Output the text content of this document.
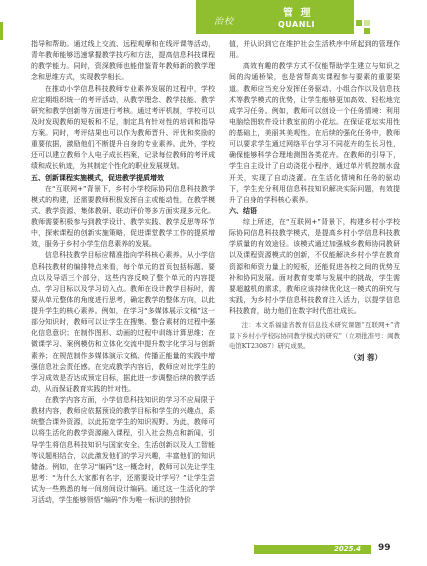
治校
管 理
QUANLI

指导和帮助。通过线上交流、远程观摩和在线评课等活动，青年教师能够迅速掌握教学技巧和方法，提高信息科技课程的教学能力。同时，资深教师也能借鉴青年教师新的教学理念和思维方式，实现教学相长。

在推动小学信息科技教师专业素养发展的过程中，学校应定期组织统一的考评活动，从教学理念、教学技能、教学研究和教学创新等方面进行考核。通过考评机制，学校可以及时发现教师的短板和不足，制定具有针对性的培训和指导方案。同时，考评结果也可以作为教师晋升、评优和奖励的重要依据，激励他们不断提升自身的专业素养。此外，学校还可以建立教师个人电子成长档案，记录每位教师的考评成绩和成长轨迹，为其制定个性化的职业发展规划。

五、创新课程实施模式，促进教学提质增效

在“互联网+”背景下，乡村小学校际协同信息科技教学模式的构建，还需要教师积极发挥自主或能动性，在教学模式、教学资源、集体教研、联动评价等多方面实现多元化。教师需要积极参与到教学设计、教学实践、教学反思等环节中，探索课程的创新实施策略，促进课堂教学工作的提质增效，服务于乡村小学生信息素养的发展。

信息科技教学目标应精准指向学科核心素养。从小学信息科技教材的编排特点来看，每个单元的首页包括标题、要点以及导语三个部分，这些内容反映了整个单元的内容提点、学习目标以及学习切入点。教师在设计教学目标时，需要从单元整体的角度进行思考，确定教学的整体方向，以此提升学生的核心素养。例如，在学习“多媒体展示文稿”这一部分知识时，教师可以让学生在搜集、整合素材的过程中强化信息意识；在制作图形、动画的过程中训练计算思维；在微课学习、案例模仿和立体化交流中提升数字化学习与创新素养；在规范制作多媒体演示文稿、传播正能量的实践中增强信息社会责任感。在完成教学内容后，教师应对比学生的学习成效是否达成预定目标，据此进一步调整后续的教学活动，从而保证教育实践的针对性。

在教学内容方面，小学信息科技知识的学习不应局限于教材内容，教师应依据预设的教学目标和学生的兴趣点，系统整合课外资源，以此拓宽学生的知识视野。为此，教师可以将生活化的教学资源融入课程，引入社会热点和新闻，引导学生将信息科技知识与国家安全、生活创新以及人工智能等议题相结合，以此激发他们的学习兴趣，丰富他们的知识储备。例如，在学习“编码”这一概念时，教师可以先让学生思考：“为什么大家都有名字，还需要设计学号？”让学生尝试为一些熟悉的每一间房间设计编码。通过这一生活化的学习活动，学生能够领悟“编码”作为唯一标识的独特价

值，并认识到它在维护社会生活秩序中所起到的管理作用。

高效有趣的教学方式不仅能帮助学生建立与知识之间的沟通桥梁，也是营帮高实课程参与要素的重要渠道。教师应当充分发挥任务驱动、小组合作以及信息技术等教学模式的优势，让学生能够更加高效、轻松地完成学习任务。例如，教师可以创设一个任务情境：利用电脑绘图软件设计教室前的小花坛。在保证花坛实用性的基础上，美丽其美观性。在后续的强化任务中，教师可以要求学生通过网络平台学习不同花卉的生长习性，确保能够科学合理地测图各类花卉。在教师的引导下，学生自主设计了自动浇花小程序，通过单片机控制水盘开关，实现了自动浇灌。在生活化情境和任务的驱动下，学生充分利用信息科技知识解决实际问题，有效提升了自身的学科核心素养。

六、结语

综上所述，在“互联网+”背景下，构建乡村小学校际协同信息科技教学模式，是提高乡村小学信息科技教学质量的有效途径。该模式通过加强城乡教师协同教研以及课程资源模式的创新，不仅能解决乡村小学在教育资源和师资力量上的短板，还能促进各校之间的优势互补和协同发展。面对教育变革与发展中的挑战，学生需要超越机的需求，教师应该持续优化这一模式的研究与实践，为乡村小学信息科技教育注入活力，以提学信息科技教育，助力他们在数字时代茁壮成长。

注：本文系福建省教育信息技术研究课题“互联网+”背景下乡村小学校际协同教学模式的研究”（立项批准号：闽教电馆KT23087）研究成果。

（刘 蓉）

2025.4 99
